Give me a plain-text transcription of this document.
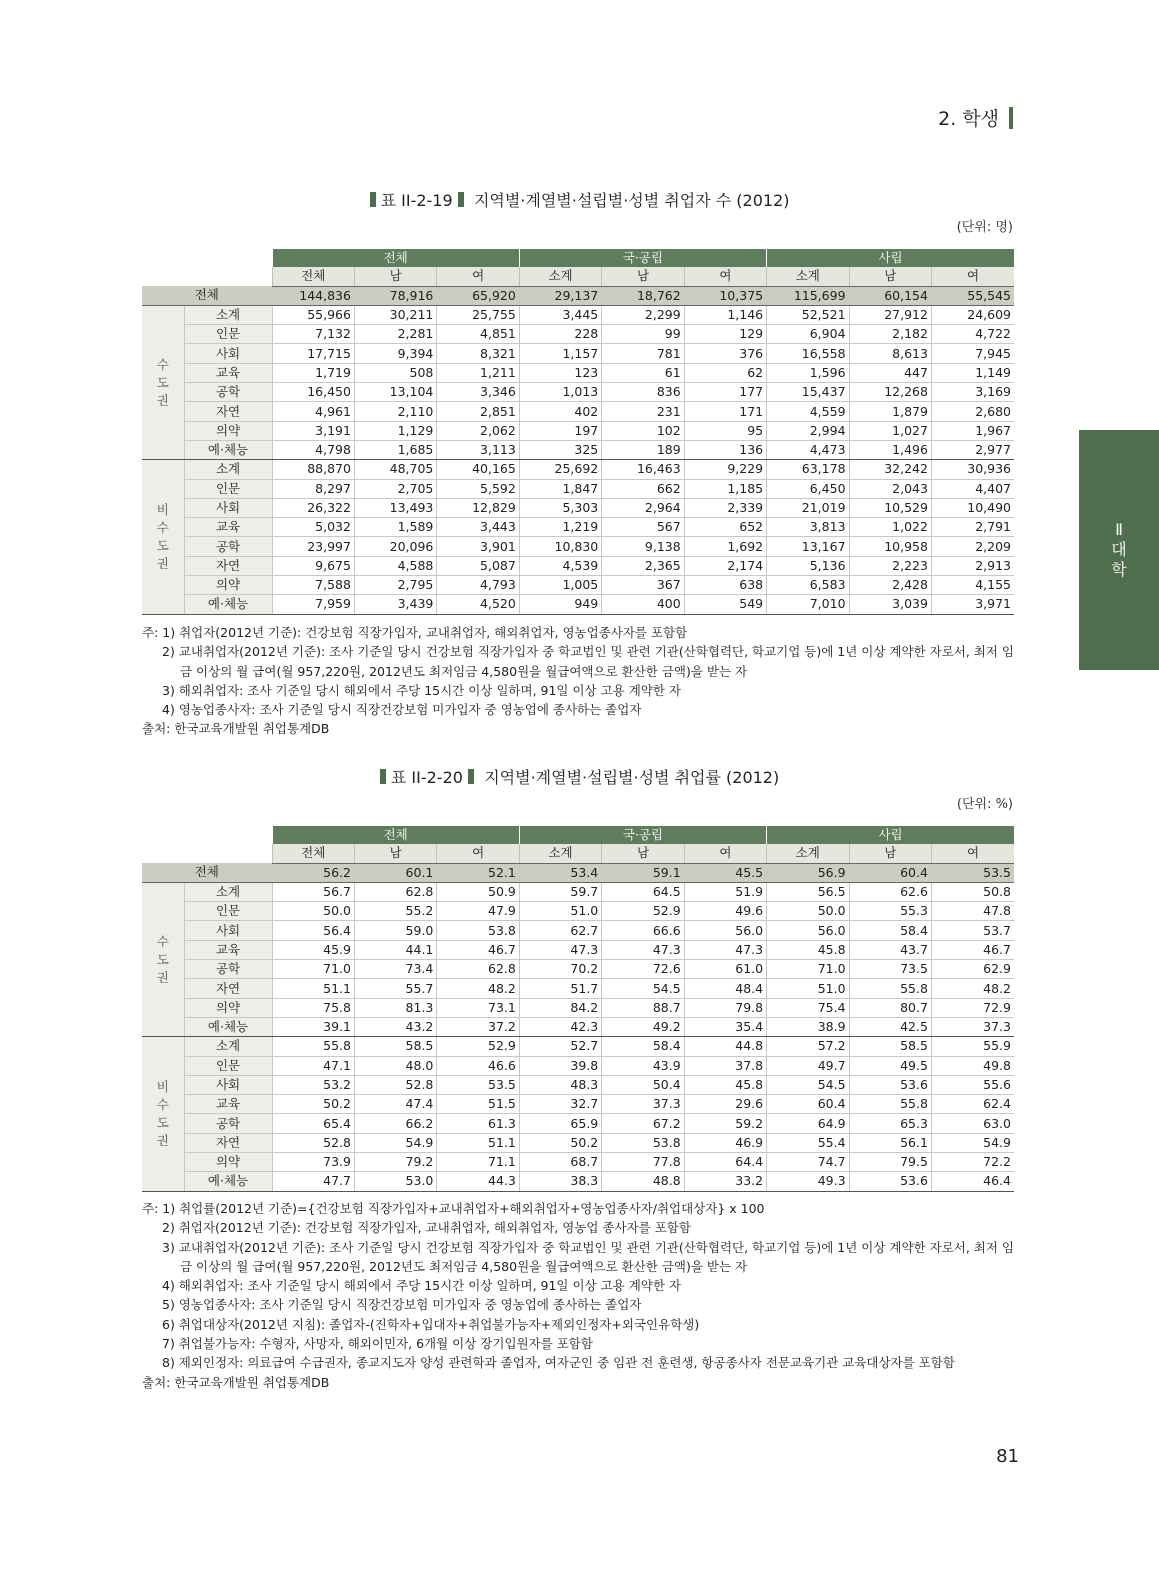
2. 학생
Ⅱ
대
학
표 II-2-19 지역별·계열별·설립별·성별 취업자 수 (2012)
(단위: 명)
		전체			국·공립			사립		
		전체	남	여	소계	남	여	소계	남	여
전체		144,836	78,916	65,920	29,137	18,762	10,375	115,699	60,154	55,545

수
도
권	소계	55,966	30,211	25,755	3,445	2,299	1,146	52,521	27,912	24,609
	인문	7,132	2,281	4,851	228	99	129	6,904	2,182	4,722
	사회	17,715	9,394	8,321	1,157	781	376	16,558	8,613	7,945
	교육	1,719	508	1,211	123	61	62	1,596	447	1,149
	공학	16,450	13,104	3,346	1,013	836	177	15,437	12,268	3,169
	자연	4,961	2,110	2,851	402	231	171	4,559	1,879	2,680
	의약	3,191	1,129	2,062	197	102	95	2,994	1,027	1,967
	예·체능	4,798	1,685	3,113	325	189	136	4,473	1,496	2,977

비
수
도
권	소계	88,870	48,705	40,165	25,692	16,463	9,229	63,178	32,242	30,936
	인문	8,297	2,705	5,592	1,847	662	1,185	6,450	2,043	4,407
	사회	26,322	13,493	12,829	5,303	2,964	2,339	21,019	10,529	10,490
	교육	5,032	1,589	3,443	1,219	567	652	3,813	1,022	2,791
	공학	23,997	20,096	3,901	10,830	9,138	1,692	13,167	10,958	2,209
	자연	9,675	4,588	5,087	4,539	2,365	2,174	5,136	2,223	2,913
	의약	7,588	2,795	4,793	1,005	367	638	6,583	2,428	4,155
	예·체능	7,959	3,439	4,520	949	400	549	7,010	3,039	3,971
주: 1) 취업자(2012년 기준): 건강보험 직장가입자, 교내취업자, 해외취업자, 영농업종사자를 포함함
2) 교내취업자(2012년 기준): 조사 기준일 당시 건강보험 직장가입자 중 학교법인 및 관련 기관(산학협력단, 학교기업 등)에 1년 이상 계약한 자로서, 최저 임금 이상의 월 급여(월 957,220원, 2012년도 최저임금 4,580원을 월급여액으로 환산한 금액)을 받는 자
3) 해외취업자: 조사 기준일 당시 해외에서 주당 15시간 이상 일하며, 91일 이상 고용 계약한 자
4) 영농업종사자: 조사 기준일 당시 직장건강보험 미가입자 중 영농업에 종사하는 졸업자
출처: 한국교육개발원 취업통계DB
표 II-2-20 지역별·계열별·설립별·성별 취업률 (2012)
(단위: %)
		전체			국·공립			사립		
		전체	남	여	소계	남	여	소계	남	여
전체		56.2	60.1	52.1	53.4	59.1	45.5	56.9	60.4	53.5

수
도
권	소계	56.7	62.8	50.9	59.7	64.5	51.9	56.5	62.6	50.8
	인문	50.0	55.2	47.9	51.0	52.9	49.6	50.0	55.3	47.8
	사회	56.4	59.0	53.8	62.7	66.6	56.0	56.0	58.4	53.7
	교육	45.9	44.1	46.7	47.3	47.3	47.3	45.8	43.7	46.7
	공학	71.0	73.4	62.8	70.2	72.6	61.0	71.0	73.5	62.9
	자연	51.1	55.7	48.2	51.7	54.5	48.4	51.0	55.8	48.2
	의약	75.8	81.3	73.1	84.2	88.7	79.8	75.4	80.7	72.9
	예·체능	39.1	43.2	37.2	42.3	49.2	35.4	38.9	42.5	37.3

비
수
도
권	소계	55.8	58.5	52.9	52.7	58.4	44.8	57.2	58.5	55.9
	인문	47.1	48.0	46.6	39.8	43.9	37.8	49.7	49.5	49.8
	사회	53.2	52.8	53.5	48.3	50.4	45.8	54.5	53.6	55.6
	교육	50.2	47.4	51.5	32.7	37.3	29.6	60.4	55.8	62.4
	공학	65.4	66.2	61.3	65.9	67.2	59.2	64.9	65.3	63.0
	자연	52.8	54.9	51.1	50.2	53.8	46.9	55.4	56.1	54.9
	의약	73.9	79.2	71.1	68.7	77.8	64.4	74.7	79.5	72.2
	예·체능	47.7	53.0	44.3	38.3	48.8	33.2	49.3	53.6	46.4
주: 1) 취업률(2012년 기준)={건강보험 직장가입자+교내취업자+해외취업자+영농업종사자/취업대상자} x 100
2) 취업자(2012년 기준): 건강보험 직장가입자, 교내취업자, 해외취업자, 영농업 종사자를 포함함
3) 교내취업자(2012년 기준): 조사 기준일 당시 건강보험 직장가입자 중 학교법인 및 관련 기관(산학협력단, 학교기업 등)에 1년 이상 계약한 자로서, 최저 임금 이상의 월 급여(월 957,220원, 2012년도 최저임금 4,580원을 월급여액으로 환산한 금액)을 받는 자
4) 해외취업자: 조사 기준일 당시 해외에서 주당 15시간 이상 일하며, 91일 이상 고용 계약한 자
5) 영농업종사자: 조사 기준일 당시 직장건강보험 미가입자 중 영농업에 종사하는 졸업자
6) 취업대상자(2012년 지침): 졸업자-(진학자+입대자+취업불가능자+제외인정자+외국인유학생)
7) 취업불가능자: 수형자, 사망자, 해외이민자, 6개월 이상 장기입원자를 포함함
8) 제외인정자: 의료급여 수급권자, 종교지도자 양성 관련학과 졸업자, 여자군인 중 임관 전 훈련생, 항공종사자 전문교육기관 교육대상자를 포함함
출처: 한국교육개발원 취업통계DB
81
